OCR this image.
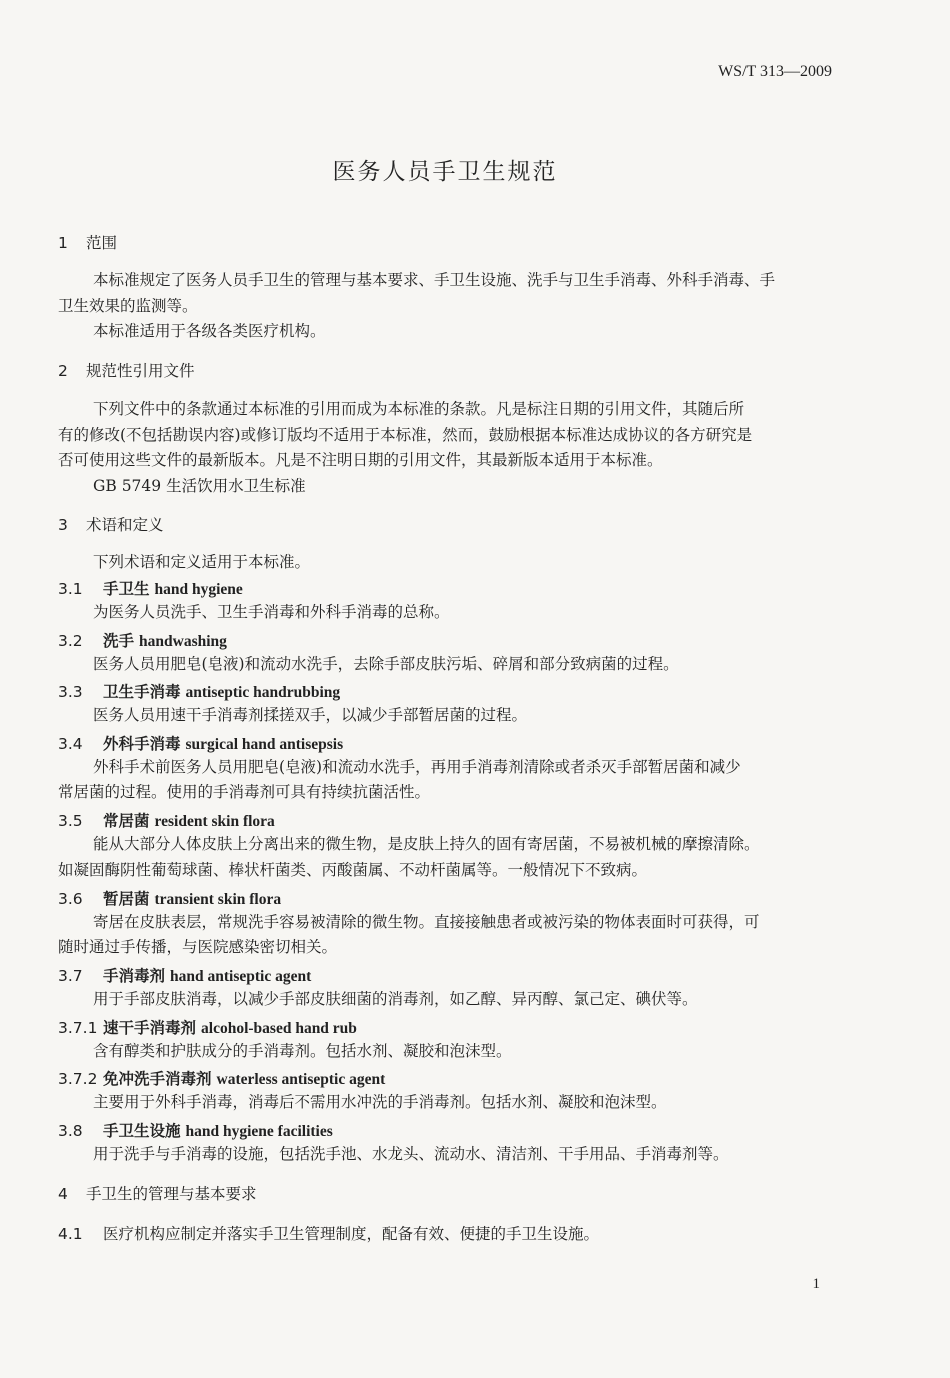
WS/T 313—2009
医务人员手卫生规范
1 范围
本标准规定了医务人员手卫生的管理与基本要求、手卫生设施、洗手与卫生手消毒、外科手消毒、手
卫生效果的监测等。
本标准适用于各级各类医疗机构。
2 规范性引用文件
下列文件中的条款通过本标准的引用而成为本标准的条款。凡是标注日期的引用文件，其随后所
有的修改(不包括勘误内容)或修订版均不适用于本标准，然而，鼓励根据本标准达成协议的各方研究是
否可使用这些文件的最新版本。凡是不注明日期的引用文件，其最新版本适用于本标准。
GB 5749 生活饮用水卫生标准
3 术语和定义
下列术语和定义适用于本标准。
3.1 手卫生 hand hygiene
为医务人员洗手、卫生手消毒和外科手消毒的总称。
3.2 洗手 handwashing
医务人员用肥皂(皂液)和流动水洗手，去除手部皮肤污垢、碎屑和部分致病菌的过程。
3.3 卫生手消毒 antiseptic handrubbing
医务人员用速干手消毒剂揉搓双手，以减少手部暂居菌的过程。
3.4 外科手消毒 surgical hand antisepsis
外科手术前医务人员用肥皂(皂液)和流动水洗手，再用手消毒剂清除或者杀灭手部暂居菌和减少
常居菌的过程。使用的手消毒剂可具有持续抗菌活性。
3.5 常居菌 resident skin flora
能从大部分人体皮肤上分离出来的微生物，是皮肤上持久的固有寄居菌，不易被机械的摩擦清除。
如凝固酶阴性葡萄球菌、棒状杆菌类、丙酸菌属、不动杆菌属等。一般情况下不致病。
3.6 暂居菌 transient skin flora
寄居在皮肤表层，常规洗手容易被清除的微生物。直接接触患者或被污染的物体表面时可获得，可
随时通过手传播，与医院感染密切相关。
3.7 手消毒剂 hand antiseptic agent
用于手部皮肤消毒，以减少手部皮肤细菌的消毒剂，如乙醇、异丙醇、氯己定、碘伏等。
3.7.1 速干手消毒剂 alcohol-based hand rub
含有醇类和护肤成分的手消毒剂。包括水剂、凝胶和泡沫型。
3.7.2 免冲洗手消毒剂 waterless antiseptic agent
主要用于外科手消毒，消毒后不需用水冲洗的手消毒剂。包括水剂、凝胶和泡沫型。
3.8 手卫生设施 hand hygiene facilities
用于洗手与手消毒的设施，包括洗手池、水龙头、流动水、清洁剂、干手用品、手消毒剂等。
4 手卫生的管理与基本要求
4.1 医疗机构应制定并落实手卫生管理制度，配备有效、便捷的手卫生设施。
1
